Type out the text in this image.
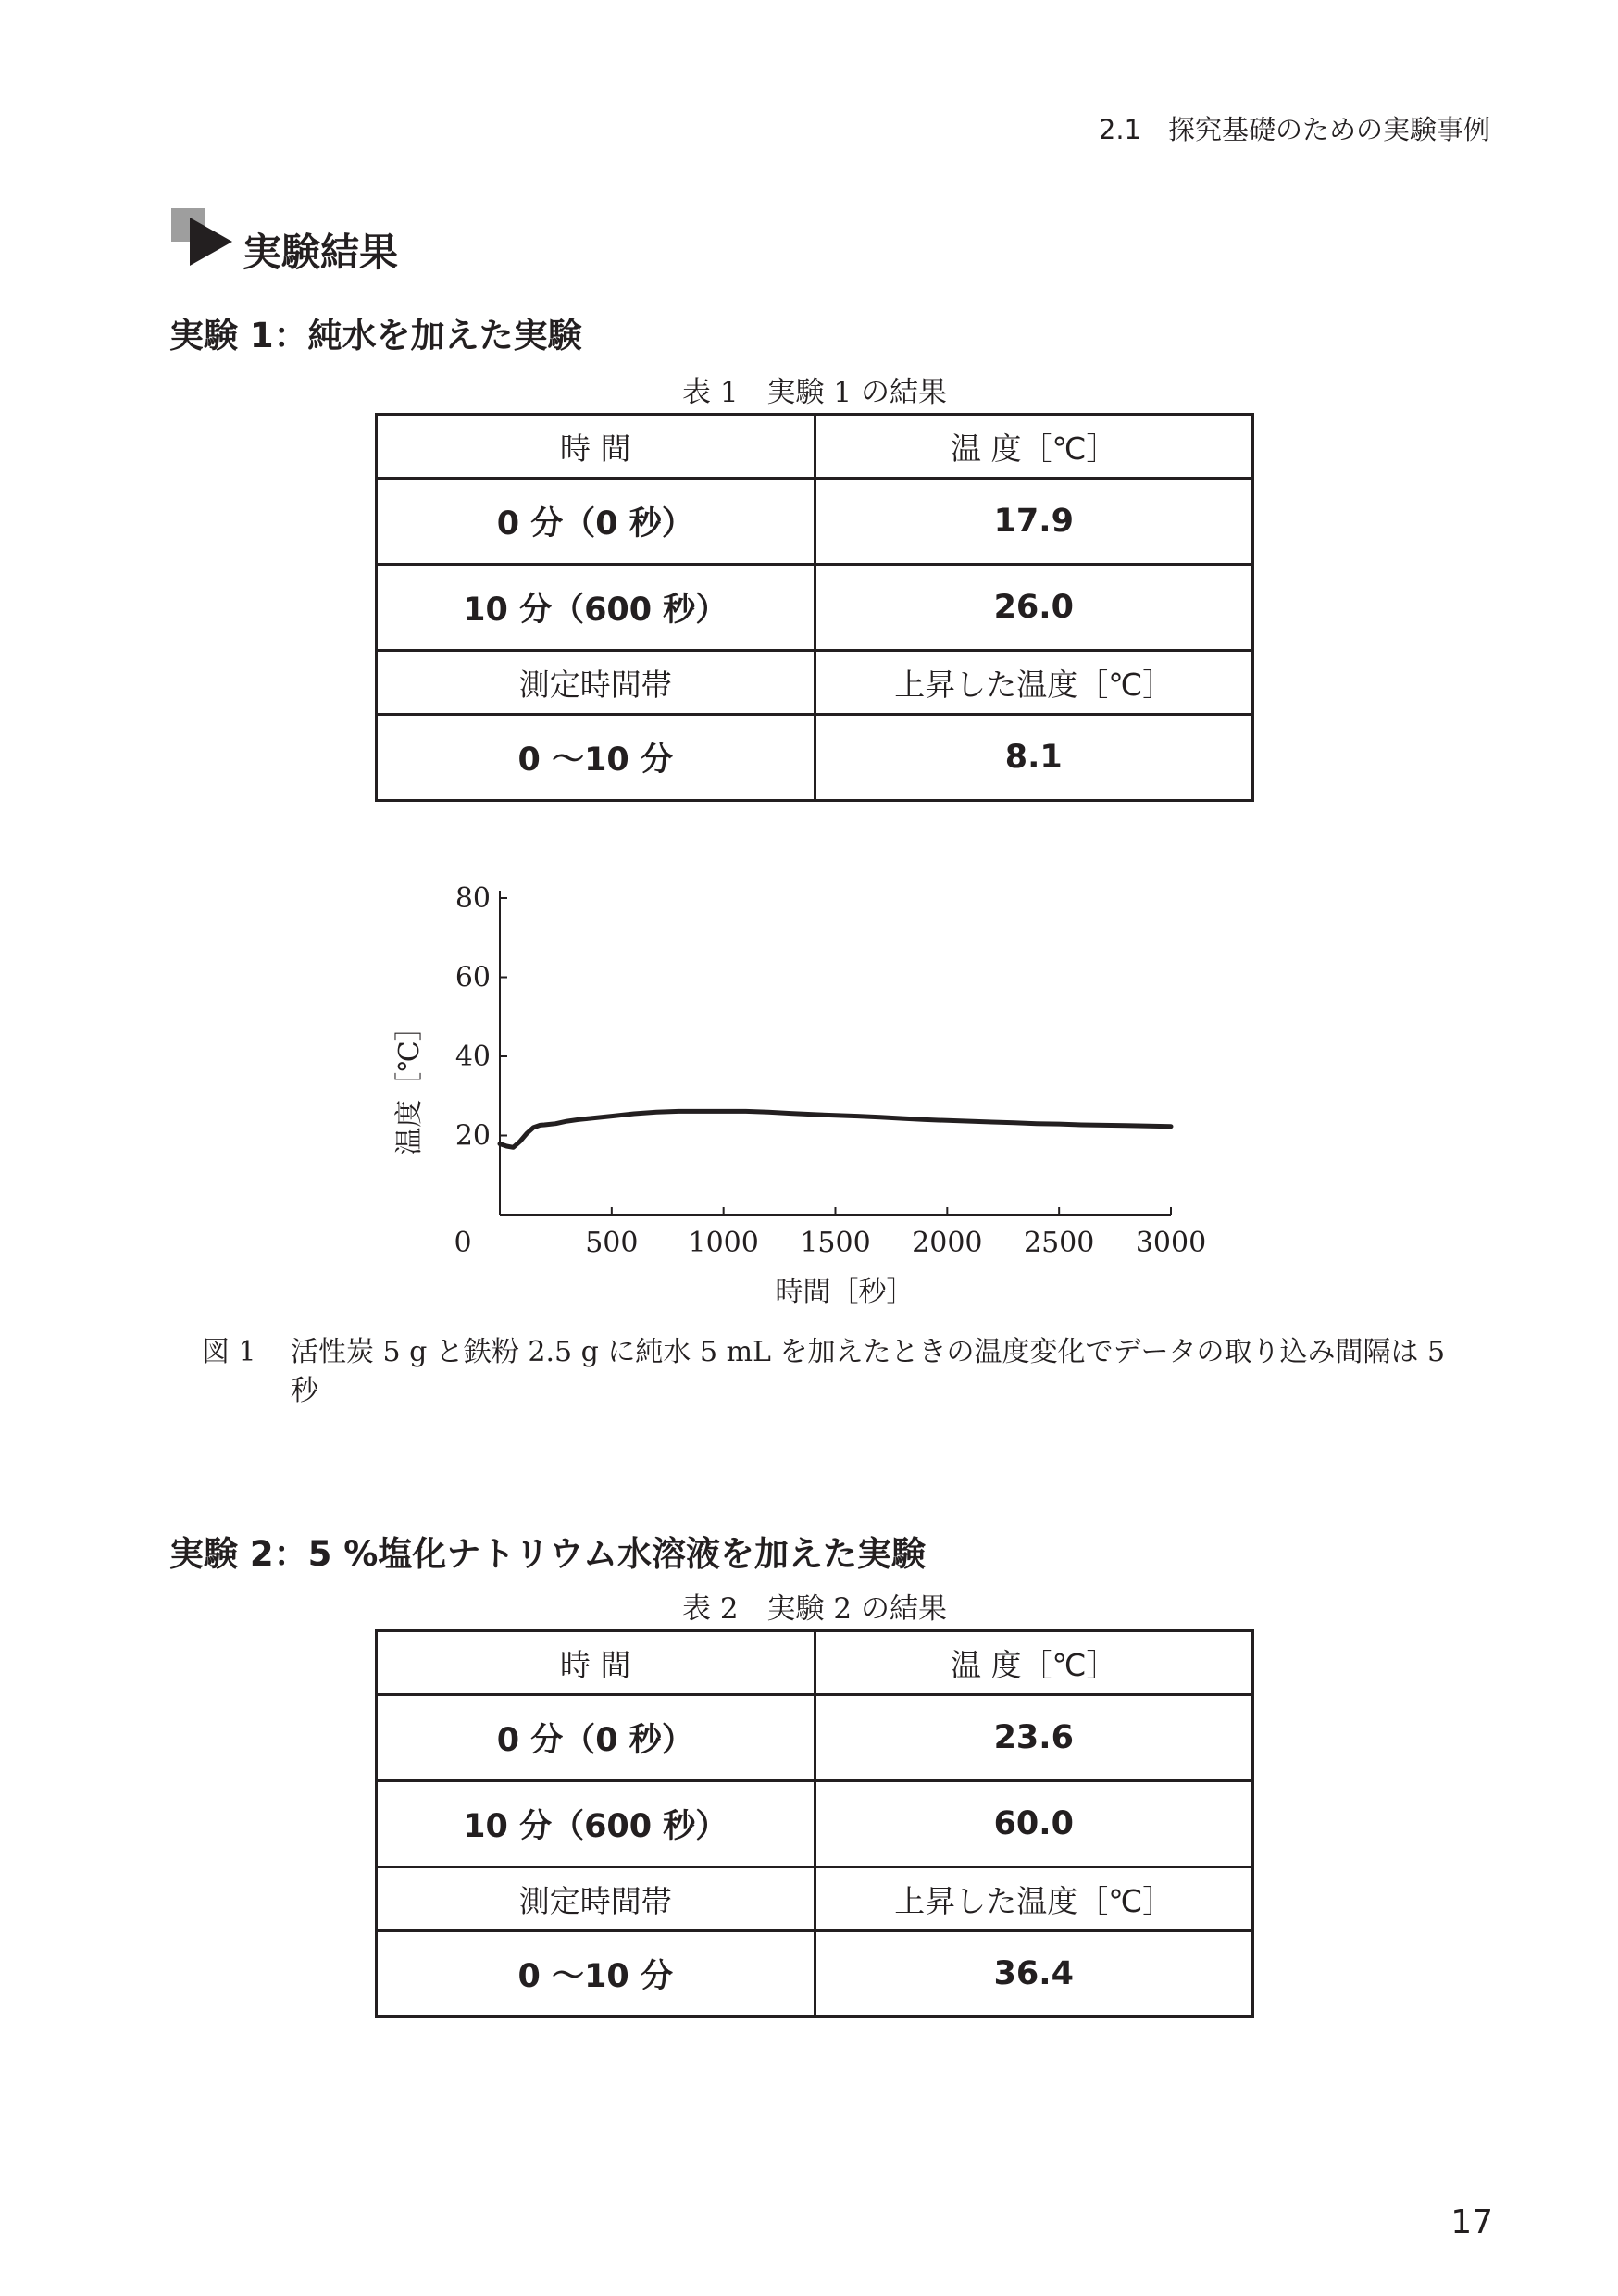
2.1　探究基礎のための実験事例
実験結果
実験 1：純水を加えた実験
表 1　実験 1 の結果
時 間	温 度［℃］
0 分（0 秒）	17.9
10 分（600 秒）	26.0
測定時間帯	上昇した温度［℃］
0 〜10 分	8.1
20
40
60
80
0	500 1000 1500 2000 2500 3000
時間［秒］
温度［℃］
図 1 活性炭 5 g と鉄粉 2.5 g に純水 5 mL を加えたときの温度変化でデータの取り込み間隔は 5 秒
実験 2：5 %塩化ナトリウム水溶液を加えた実験
表 2　実験 2 の結果
時 間	温 度［℃］
0 分（0 秒）	23.6
10 分（600 秒）	60.0
測定時間帯	上昇した温度［℃］
0 〜10 分	36.4
17
